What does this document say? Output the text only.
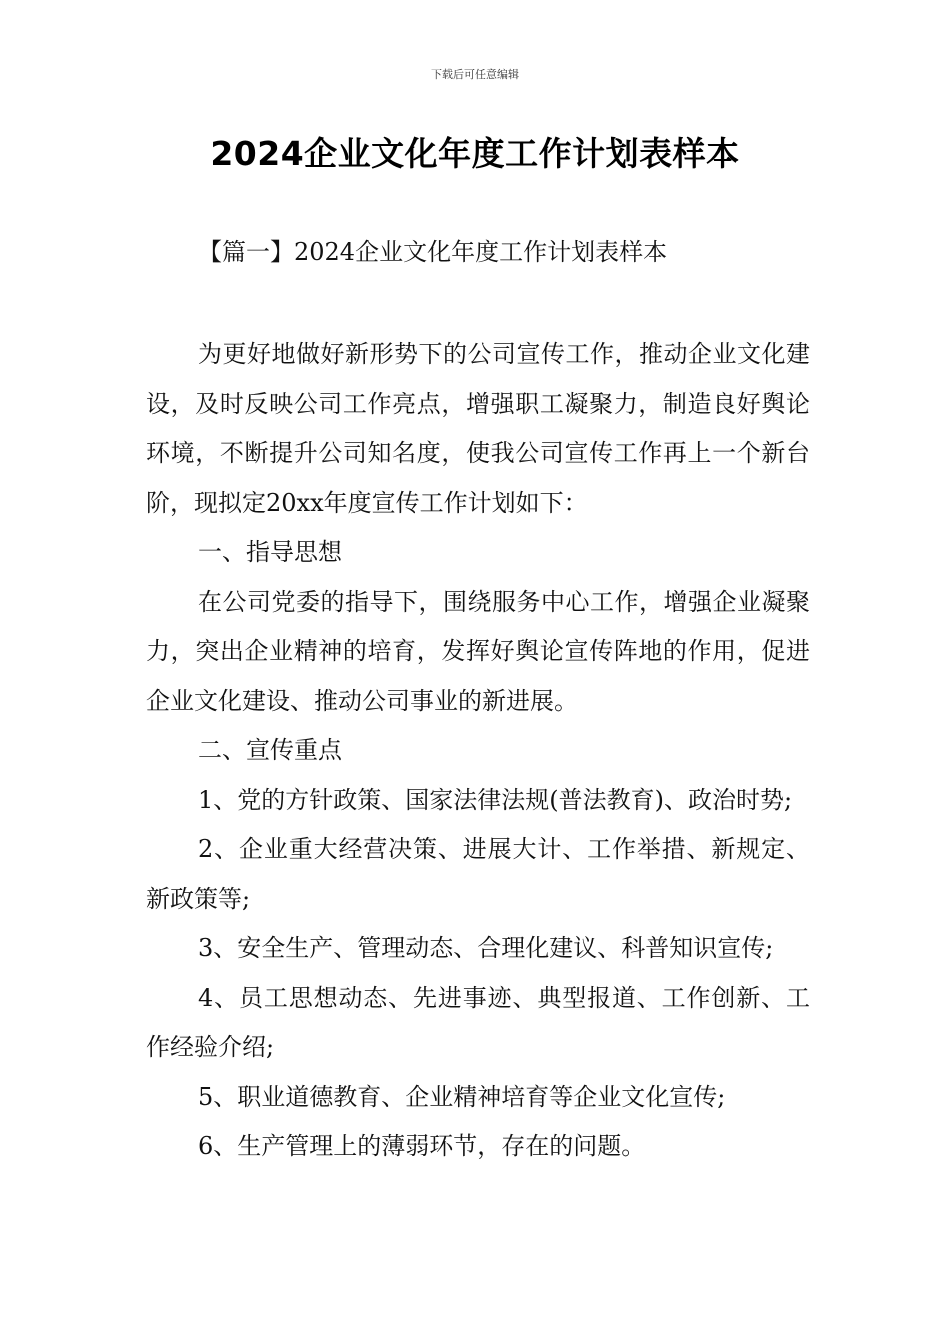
下载后可任意编辑
2024企业文化年度工作计划表样本
【篇一】2024企业文化年度工作计划表样本

为更好地做好新形势下的公司宣传工作，推动企业文化建设，及时反映公司工作亮点，增强职工凝聚力，制造良好舆论环境，不断提升公司知名度，使我公司宣传工作再上一个新台阶，现拟定20xx年度宣传工作计划如下：

一、指导思想

在公司党委的指导下，围绕服务中心工作，增强企业凝聚力，突出企业精神的培育，发挥好舆论宣传阵地的作用，促进企业文化建设、推动公司事业的新进展。

二、宣传重点

1、党的方针政策、国家法律法规(普法教育)、政治时势;

2、企业重大经营决策、进展大计、工作举措、新规定、新政策等;

3、安全生产、管理动态、合理化建议、科普知识宣传;

4、员工思想动态、先进事迹、典型报道、工作创新、工作经验介绍;

5、职业道德教育、企业精神培育等企业文化宣传;

6、生产管理上的薄弱环节，存在的问题。
